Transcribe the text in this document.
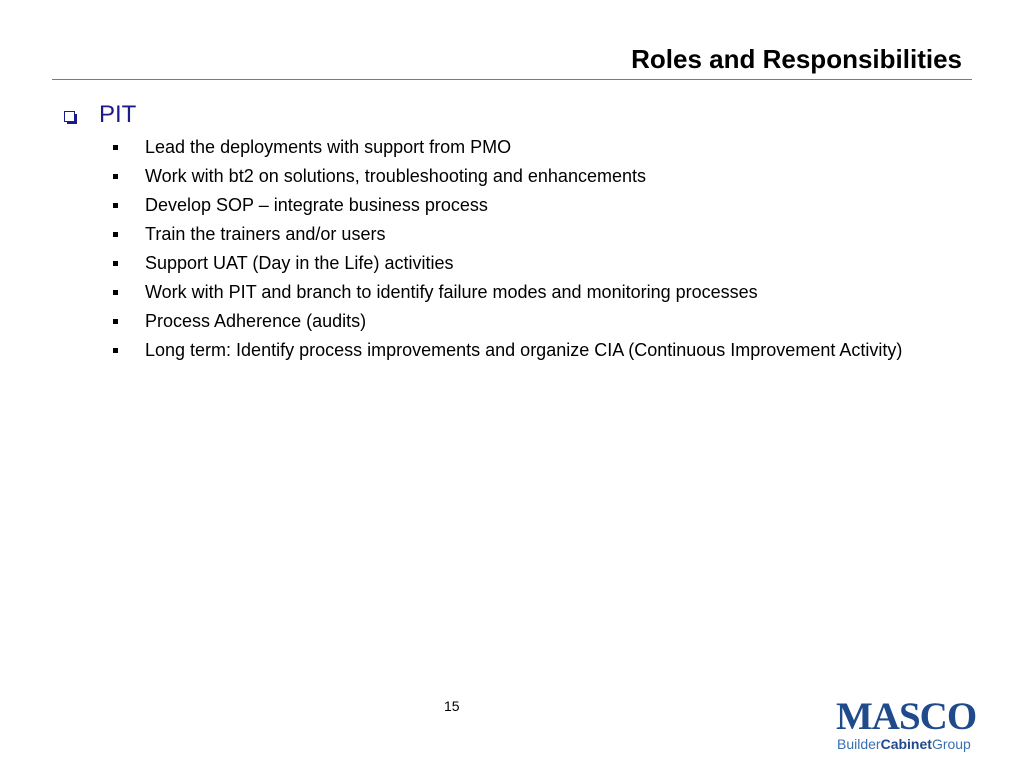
Roles and Responsibilities
PIT
Lead the deployments with support from PMO
Work with bt2 on solutions, troubleshooting and enhancements
Develop SOP – integrate business process
Train the trainers and/or users
Support UAT (Day in the Life) activities
Work with PIT and branch to identify failure modes and monitoring processes
Process Adherence (audits)
Long term: Identify process improvements and organize CIA (Continuous Improvement Activity)
15	MASCO
BuilderCabinetGroup
